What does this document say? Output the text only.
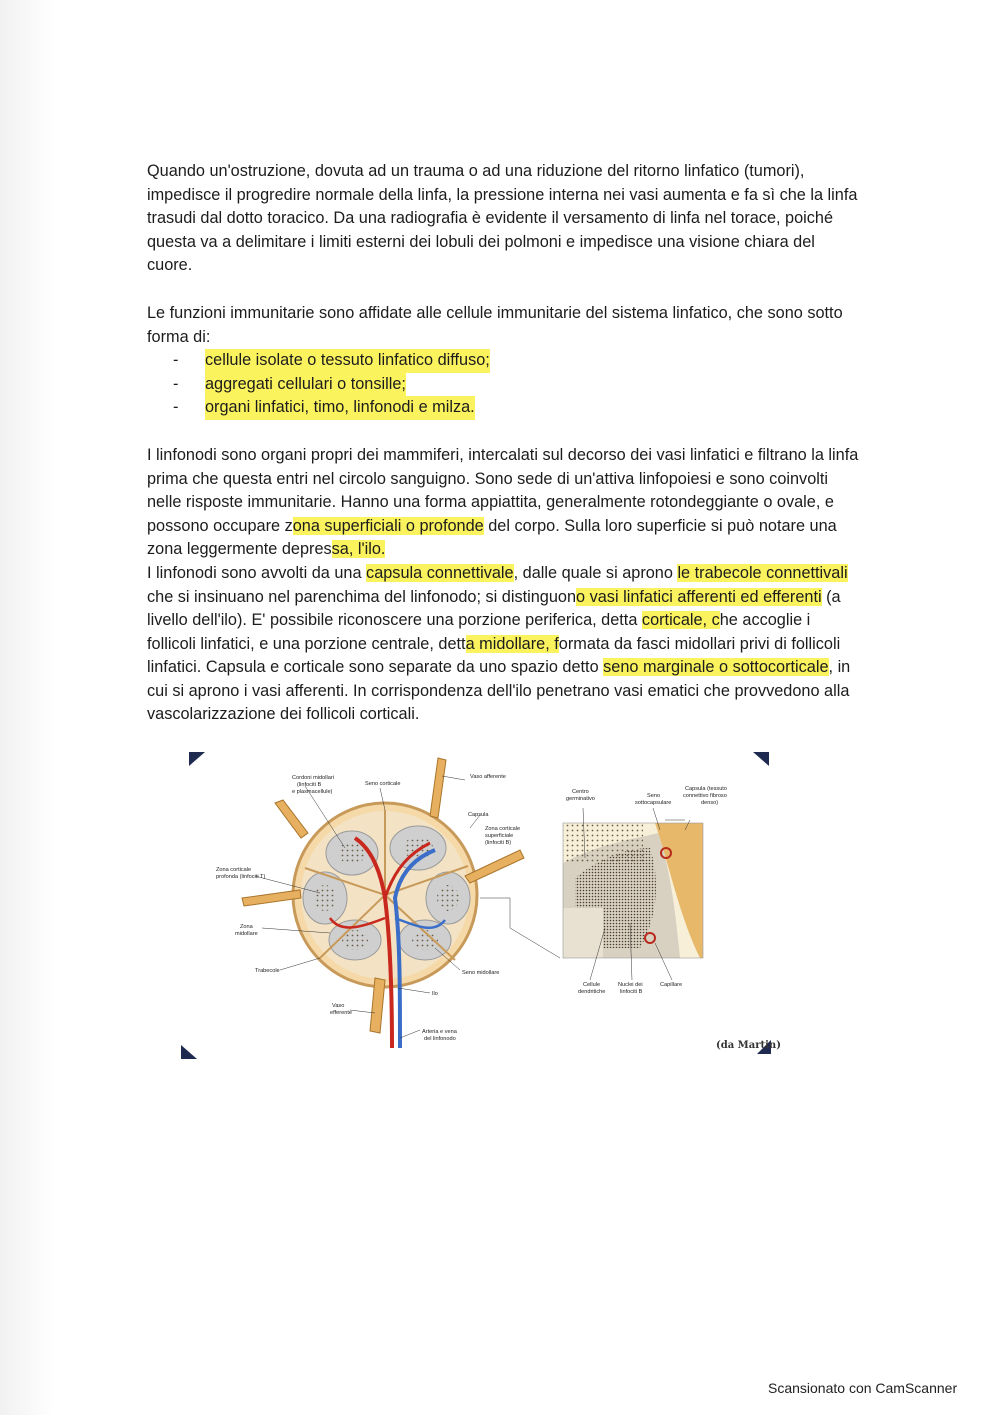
Quando un'ostruzione, dovuta ad un trauma o ad una riduzione del ritorno linfatico (tumori), impedisce il progredire normale della linfa, la pressione interna nei vasi aumenta e fa sì che la linfa trasudi dal dotto toracico. Da una radiografia è evidente il versamento di linfa nel torace, poiché questa va a delimitare i limiti esterni dei lobuli dei polmoni e impedisce una visione chiara del cuore.

Le funzioni immunitarie sono affidate alle cellule immunitarie del sistema linfatico, che sono sotto forma di:

-	cellule isolate o tessuto linfatico diffuso;
-	aggregati cellulari o tonsille;
-	organi linfatici, timo, linfonodi e milza.

I linfonodi sono organi propri dei mammiferi, intercalati sul decorso dei vasi linfatici e filtrano la linfa prima che questa entri nel circolo sanguigno. Sono sede di un'attiva linfopoiesi e sono coinvolti nelle risposte immunitarie. Hanno una forma appiattita, generalmente rotondeggiante o ovale, e possono occupare zona superficiali o profonde del corpo. Sulla loro superficie si può notare una zona leggermente depressa, l'ilo.

I linfonodi sono avvolti da una capsula connettivale, dalle quale si aprono le trabecole connettivali che si insinuano nel parenchima del linfonodo; si distinguono vasi linfatici afferenti ed efferenti (a livello dell'ilo). E' possibile riconoscere una porzione periferica, detta corticale, che accoglie i follicoli linfatici, e una porzione centrale, detta midollare, formata da fasci midollari privi di follicoli linfatici. Capsula e corticale sono separate da uno spazio detto seno marginale o sottocorticale, in cui si aprono i vasi afferenti. In corrispondenza dell'ilo penetrano vasi ematici che provvedono alla vascolarizzazione dei follicoli corticali.

Cordoni midollari
(linfociti B
e plasmacellule)
Seno corticale
Vaso afferente
Capsula
Zona corticale
superficiale
(linfociti B)
Zona corticale
profonda (linfociti T)
Zona
midollare
Trabecole	Seno midollare
Ilo
Vaso
efferente
Arteria e vena
del linfonodo
Centro
germinativo	Seno
sottocapsulare
Capsula (tessuto
connettivo fibroso
denso)
Cellule
dendritiche
Nuclei dei
linfociti B
Capillare
(da Martin)
Scansionato con CamScanner
